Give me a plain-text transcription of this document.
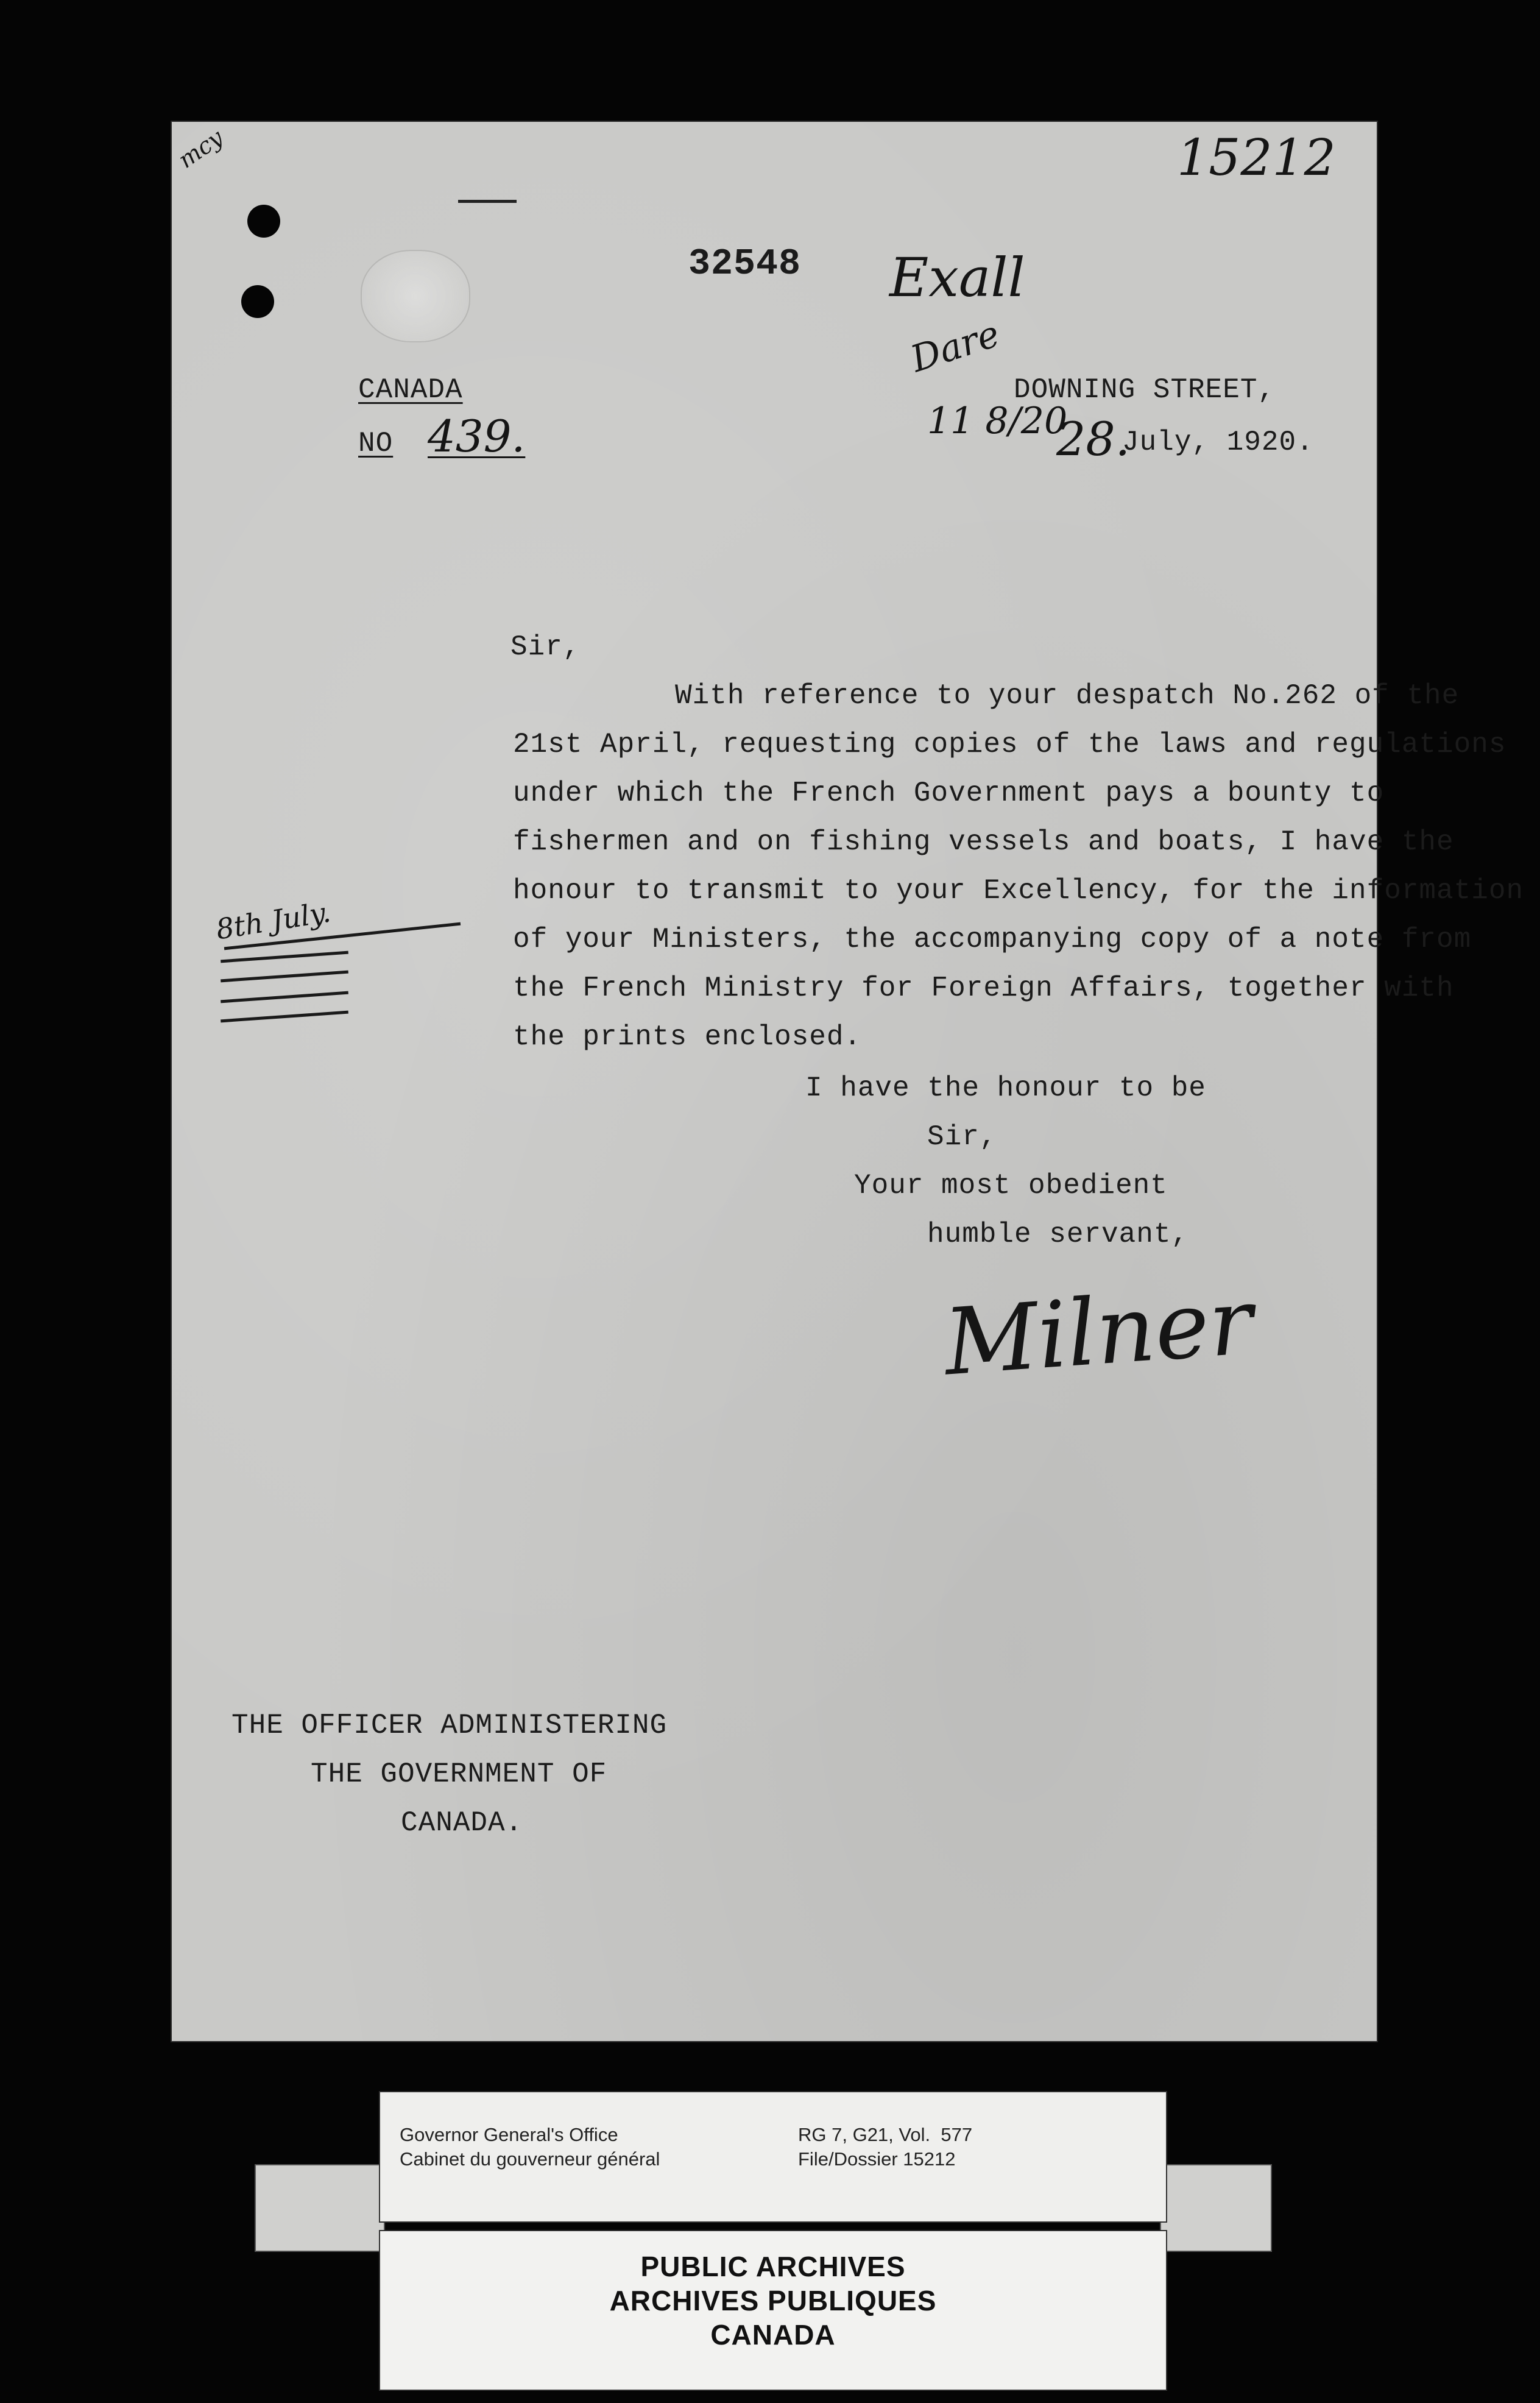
mcy	15212
32548 Exall
Dare
11 8/20
CANADA
NO 439.
DOWNING STREET,
28.
July, 1920.
Sir,
With reference to your despatch No.262 of the
21st April, requesting copies of the laws and regulations
under which the French Government pays a bounty to
fishermen and on fishing vessels and boats, I have the
honour to transmit to your Excellency, for the information
of your Ministers, the accompanying copy of a note from
the French Ministry for Foreign Affairs, together with
the prints enclosed.
8th July.
I have the honour to be
Sir,
Your most obedient
humble servant,
Milner
THE OFFICER ADMINISTERING
THE GOVERNMENT OF
CANADA.
Governor General's Office
Cabinet du gouverneur général
RG 7, G21, Vol.  577
File/Dossier 15212
PUBLIC ARCHIVES
ARCHIVES PUBLIQUES
CANADA
